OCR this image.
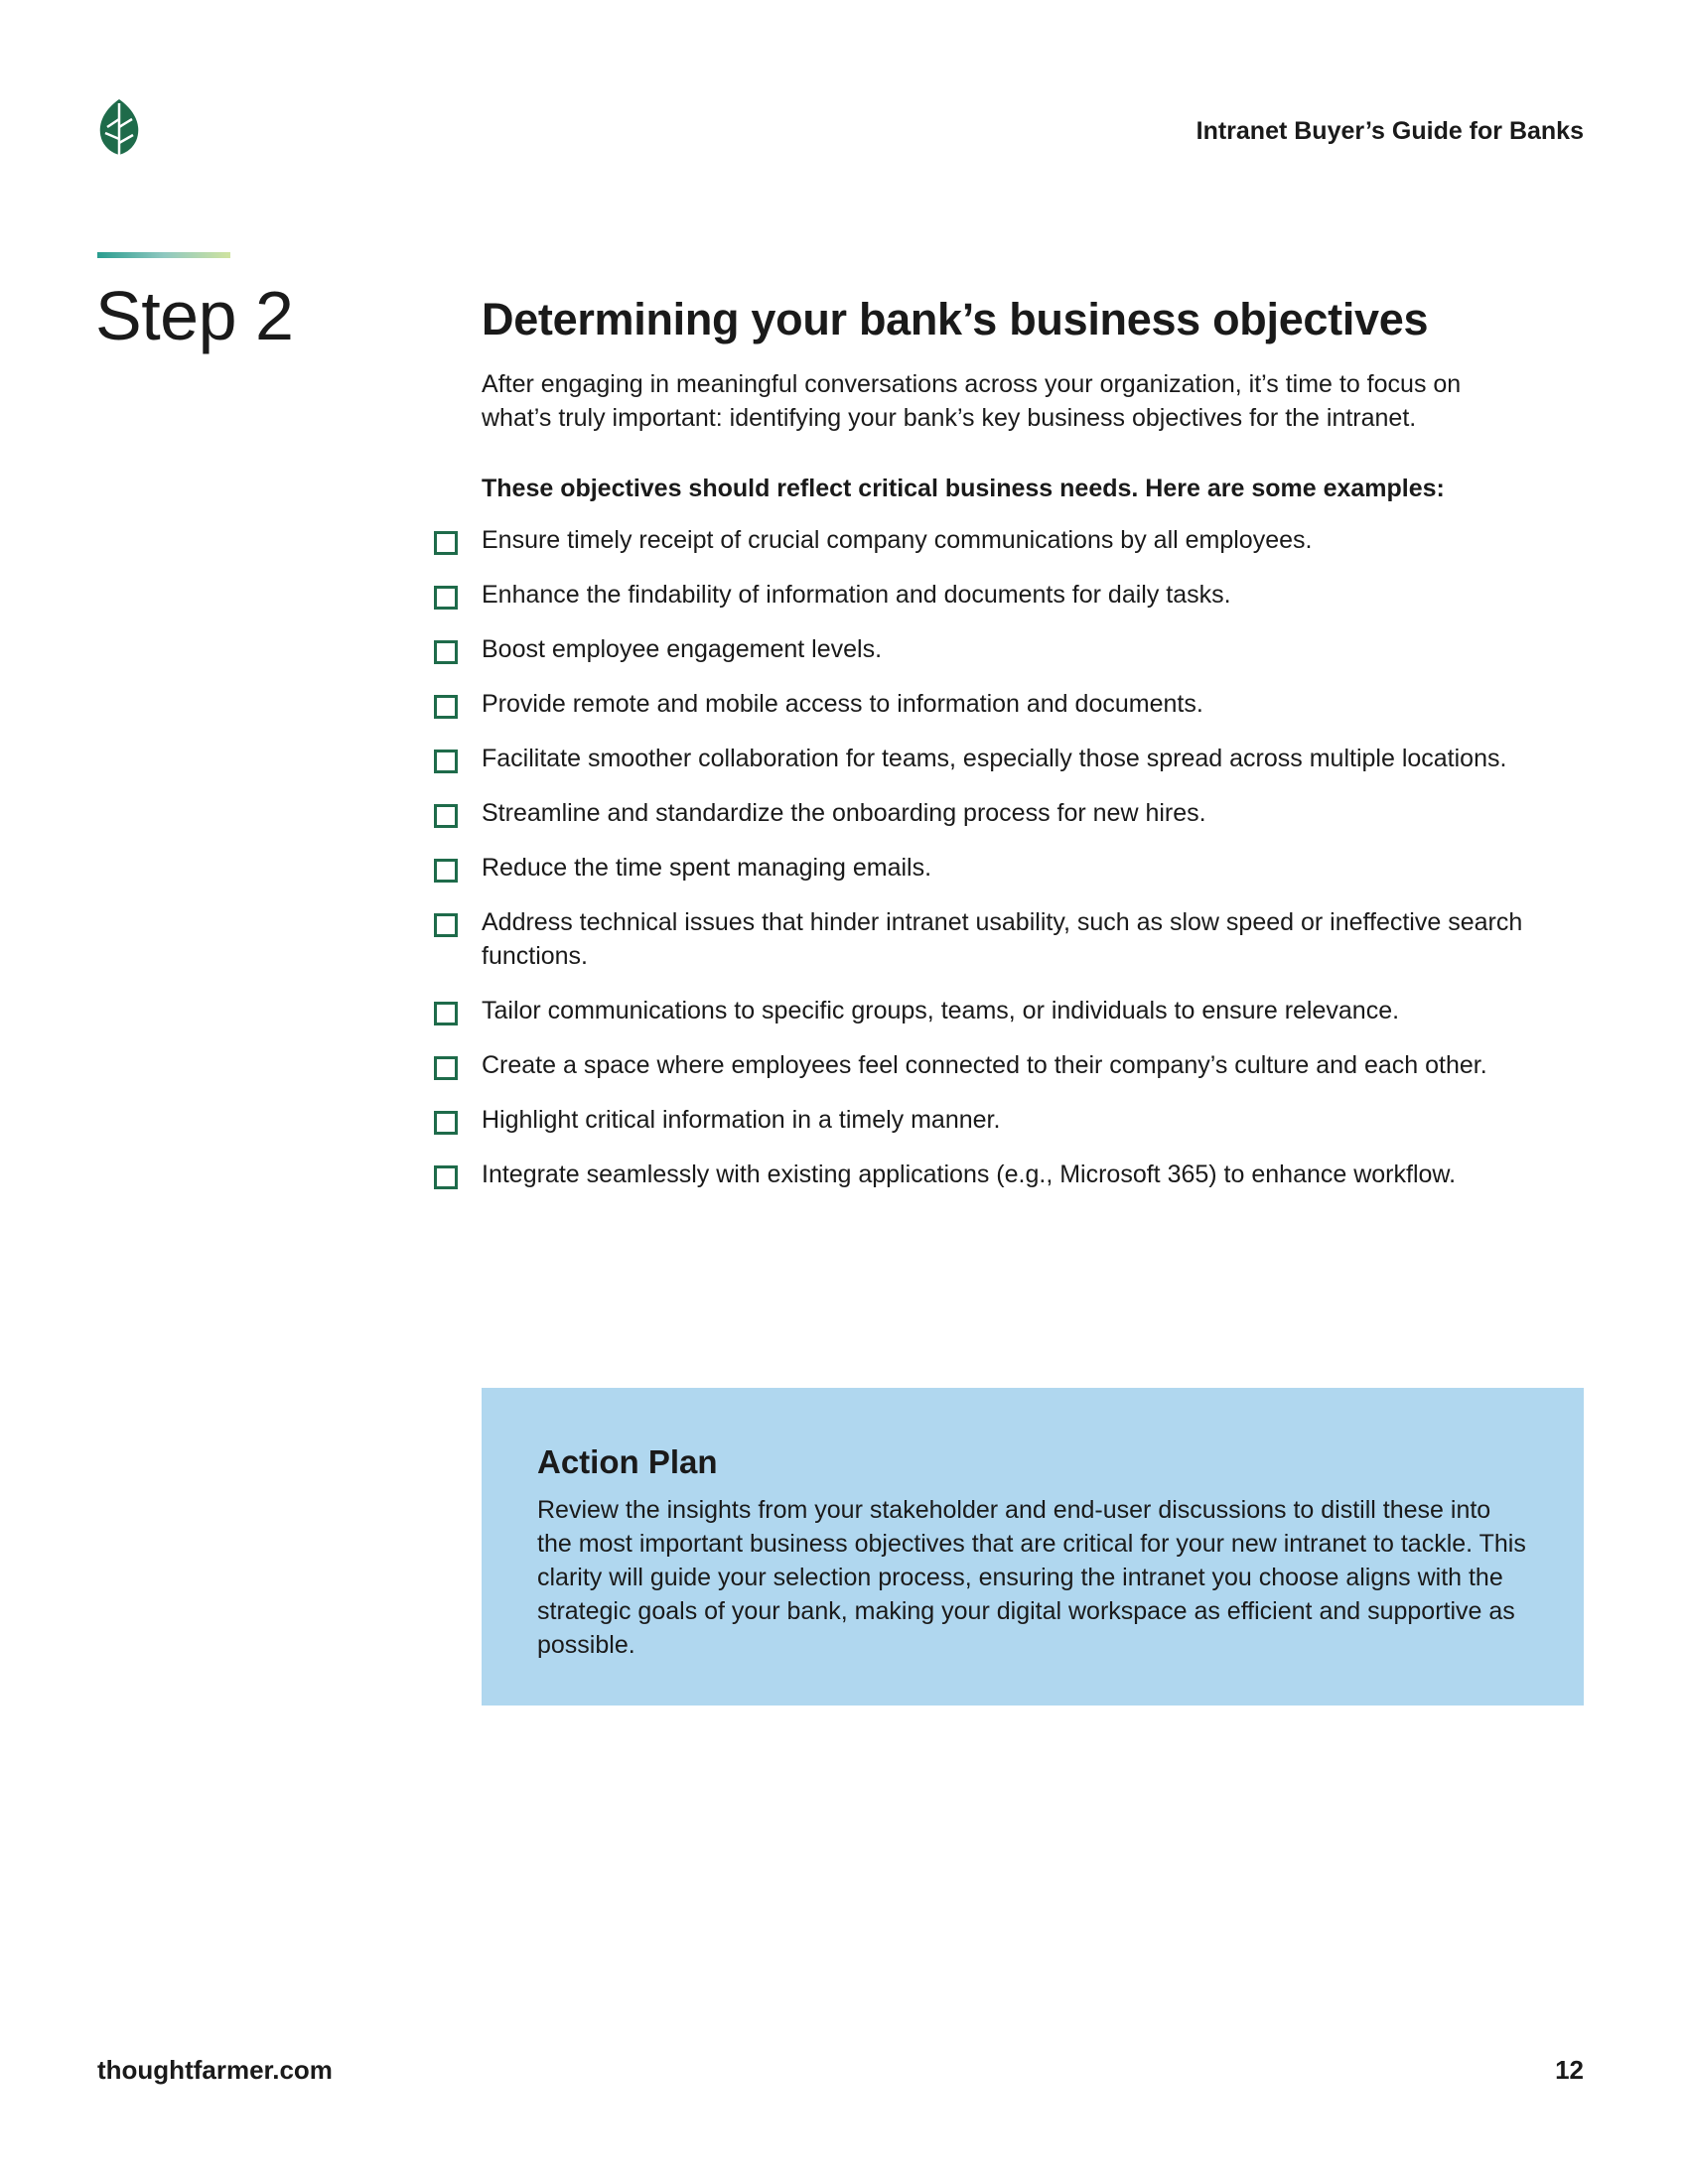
Intranet Buyer’s Guide for Banks
Step 2	Determining your bank’s business objectives

After engaging in meaningful conversations across your organization, it’s time to focus on what’s truly important: identifying your bank’s key business objectives for the intranet.

These objectives should reflect critical business needs. Here are some examples:

Ensure timely receipt of crucial company communications by all employees.
Enhance the findability of information and documents for daily tasks.
Boost employee engagement levels.
Provide remote and mobile access to information and documents.
Facilitate smoother collaboration for teams, especially those spread across multiple locations.
Streamline and standardize the onboarding process for new hires.
Reduce the time spent managing emails.
Address technical issues that hinder intranet usability, such as slow speed or ineffective search functions.
Tailor communications to specific groups, teams, or individuals to ensure relevance.
Create a space where employees feel connected to their company’s culture and each other.
Highlight critical information in a timely manner.
Integrate seamlessly with existing applications (e.g., Microsoft 365) to enhance workflow.
Action Plan

Review the insights from your stakeholder and end-user discussions to distill these into the most important business objectives that are critical for your new intranet to tackle. This clarity will guide your selection process, ensuring the intranet you choose aligns with the strategic goals of your bank, making your digital workspace as efficient and supportive as possible.

thoughtfarmer.com	12
